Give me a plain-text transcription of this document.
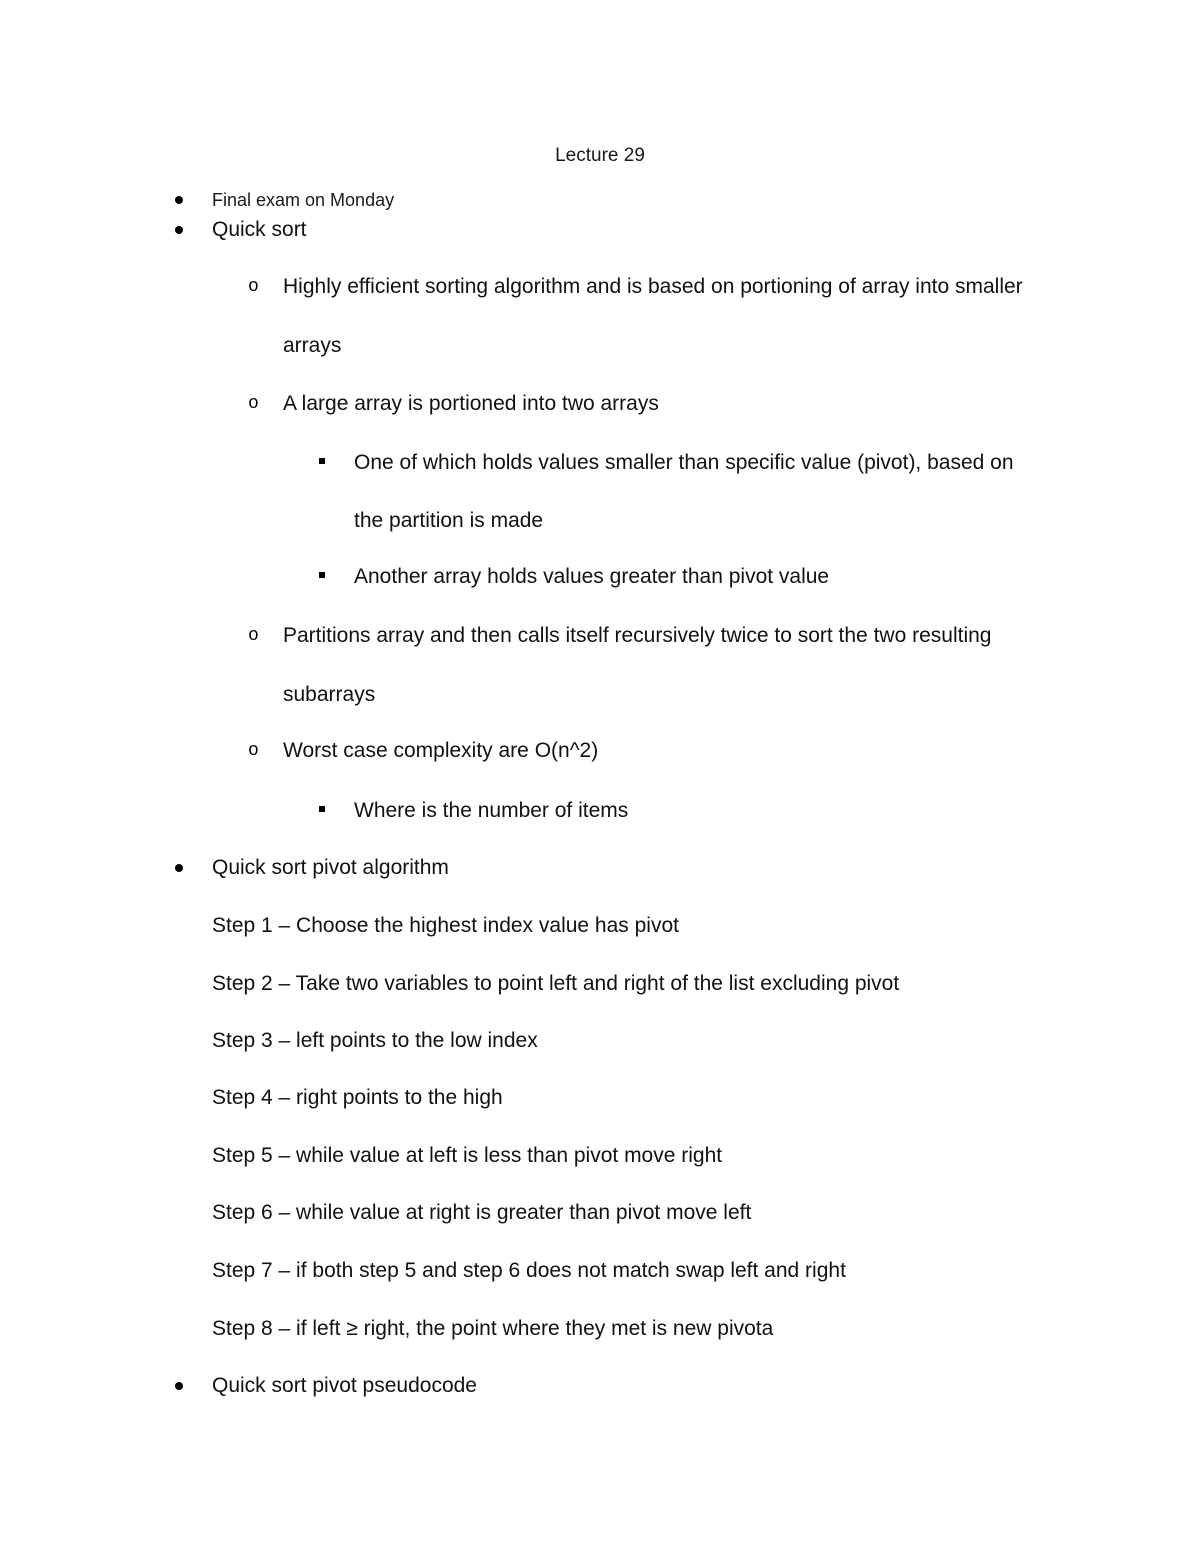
Lecture 29
Final exam on Monday
Quick sort
o Highly efficient sorting algorithm and is based on portioning of array into smaller
arrays
o A large array is portioned into two arrays
One of which holds values smaller than specific value (pivot), based on
the partition is made
Another array holds values greater than pivot value
o Partitions array and then calls itself recursively twice to sort the two resulting
subarrays
o Worst case complexity are O(n^2)
Where is the number of items
Quick sort pivot algorithm
Step 1 – Choose the highest index value has pivot
Step 2 – Take two variables to point left and right of the list excluding pivot
Step 3 – left points to the low index
Step 4 – right points to the high
Step 5 – while value at left is less than pivot move right
Step 6 – while value at right is greater than pivot move left
Step 7 – if both step 5 and step 6 does not match swap left and right
Step 8 – if left ≥ right, the point where they met is new pivota
Quick sort pivot pseudocode
